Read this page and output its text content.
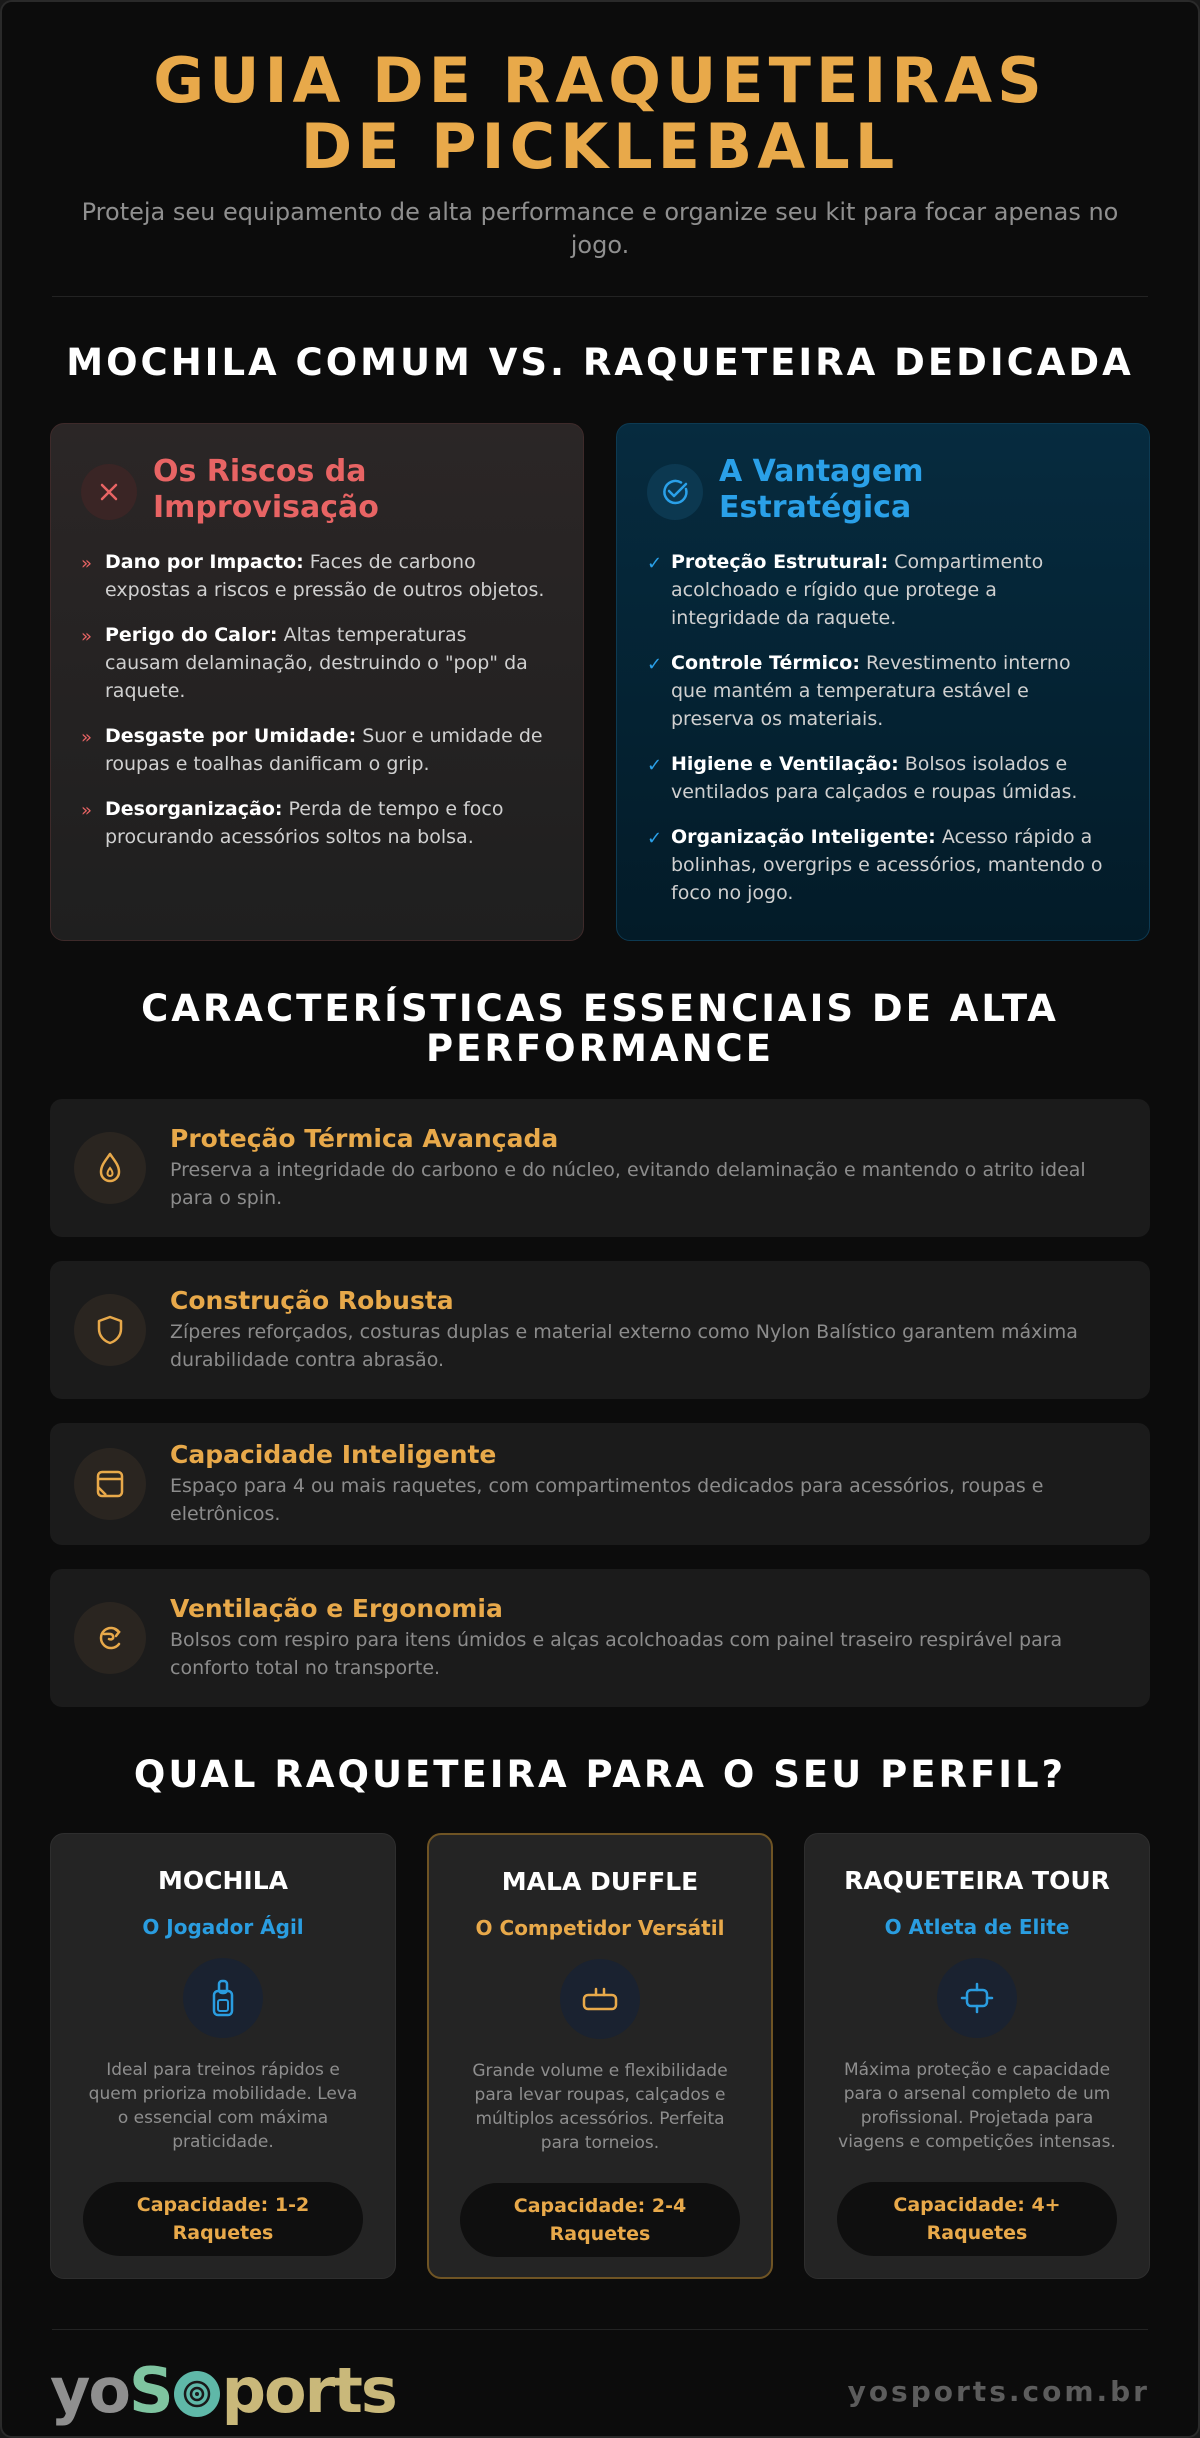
GUIA DE RAQUETEIRAS DE PICKLEBALL

Proteja seu equipamento de alta performance e organize seu kit para focar apenas no jogo.

MOCHILA COMUM VS. RAQUETEIRA DEDICADA
Os Riscos da Improvisação
» Dano por Impacto: Faces de carbono expostas a riscos e pressão de outros objetos.
» Perigo do Calor: Altas temperaturas causam delaminação, destruindo o "pop" da raquete.
» Desgaste por Umidade: Suor e umidade de roupas e toalhas danificam o grip.
» Desorganização: Perda de tempo e foco procurando acessórios soltos na bolsa.
A Vantagem Estratégica
✓ Proteção Estrutural: Compartimento acolchoado e rígido que protege a integridade da raquete.
✓ Controle Térmico: Revestimento interno que mantém a temperatura estável e preserva os materiais.
✓ Higiene e Ventilação: Bolsos isolados e ventilados para calçados e roupas úmidas.
✓ Organização Inteligente: Acesso rápido a bolinhas, overgrips e acessórios, mantendo o foco no jogo.
CARACTERÍSTICAS ESSENCIAIS DE ALTA PERFORMANCE
Proteção Térmica Avançada
Preserva a integridade do carbono e do núcleo, evitando delaminação e mantendo o atrito ideal para o spin.
Construção Robusta
Zíperes reforçados, costuras duplas e material externo como Nylon Balístico garantem máxima durabilidade contra abrasão.
Capacidade Inteligente
Espaço para 4 ou mais raquetes, com compartimentos dedicados para acessórios, roupas e eletrônicos.
Ventilação e Ergonomia
Bolsos com respiro para itens úmidos e alças acolchoadas com painel traseiro respirável para conforto total no transporte.
QUAL RAQUETEIRA PARA O SEU PERFIL?
MOCHILA
O Jogador Ágil
Ideal para treinos rápidos e quem prioriza mobilidade. Leva o essencial com máxima praticidade.
Capacidade: 1-2 Raquetes
MALA DUFFLE
O Competidor Versátil
Grande volume e flexibilidade para levar roupas, calçados e múltiplos acessórios. Perfeita para torneios.
Capacidade: 2-4 Raquetes
RAQUETEIRA TOUR
O Atleta de Elite
Máxima proteção e capacidade para o arsenal completo de um profissional. Projetada para viagens e competições intensas.
Capacidade: 4+ Raquetes
yo S ports	yosports.com.br
